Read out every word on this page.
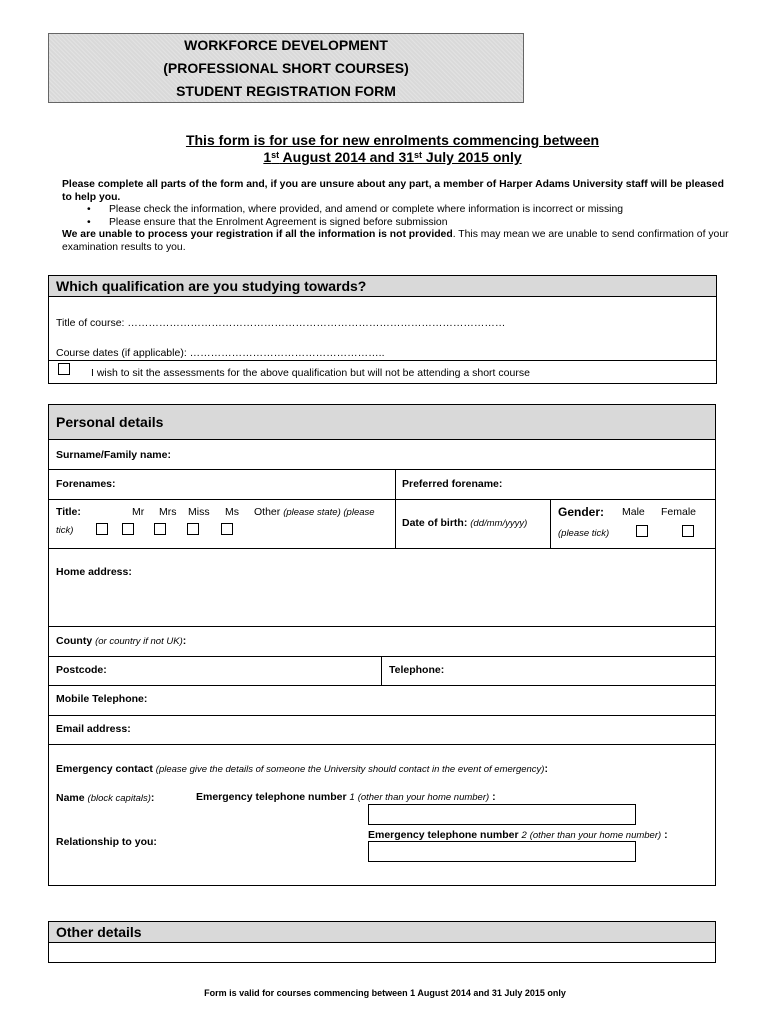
WORKFORCE DEVELOPMENT
(PROFESSIONAL SHORT COURSES)
STUDENT REGISTRATION FORM
This form is for use for new enrolments commencing between
1st August 2014 and 31st July 2015 only
Please complete all parts of the form and, if you are unsure about any part, a member of Harper Adams University staff will be pleased to help you.
• Please check the information, where provided, and amend or complete where information is incorrect or missing
• Please ensure that the Enrolment Agreement is signed before submission
We are unable to process your registration if all the information is not provided. This may mean we are unable to send confirmation of your examination results to you.
Which qualification are you studying towards?
Title of course: ………………………………………………………………………………………………
Course dates (if applicable): ………………………………………………..
I wish to sit the assessments for the above qualification but will not be attending a short course
Personal details
Surname/Family name:
Forenames:	Preferred forename:
Title:	Mr Mrs Miss Ms Other (please state) (please
tick)
Date of birth: (dd/mm/yyyy)
Gender: Male Female
(please tick)
Home address:
County (or country if not UK):
Postcode:	Telephone:
Mobile Telephone:
Email address:
Emergency contact (please give the details of someone the University should contact in the event of emergency):
Name (block capitals):	Emergency telephone number 1 (other than your home number) :
Emergency telephone number 2 (other than your home number) :
Relationship to you:
Other details
Form is valid for courses commencing between 1 August 2014 and 31 July 2015 only
